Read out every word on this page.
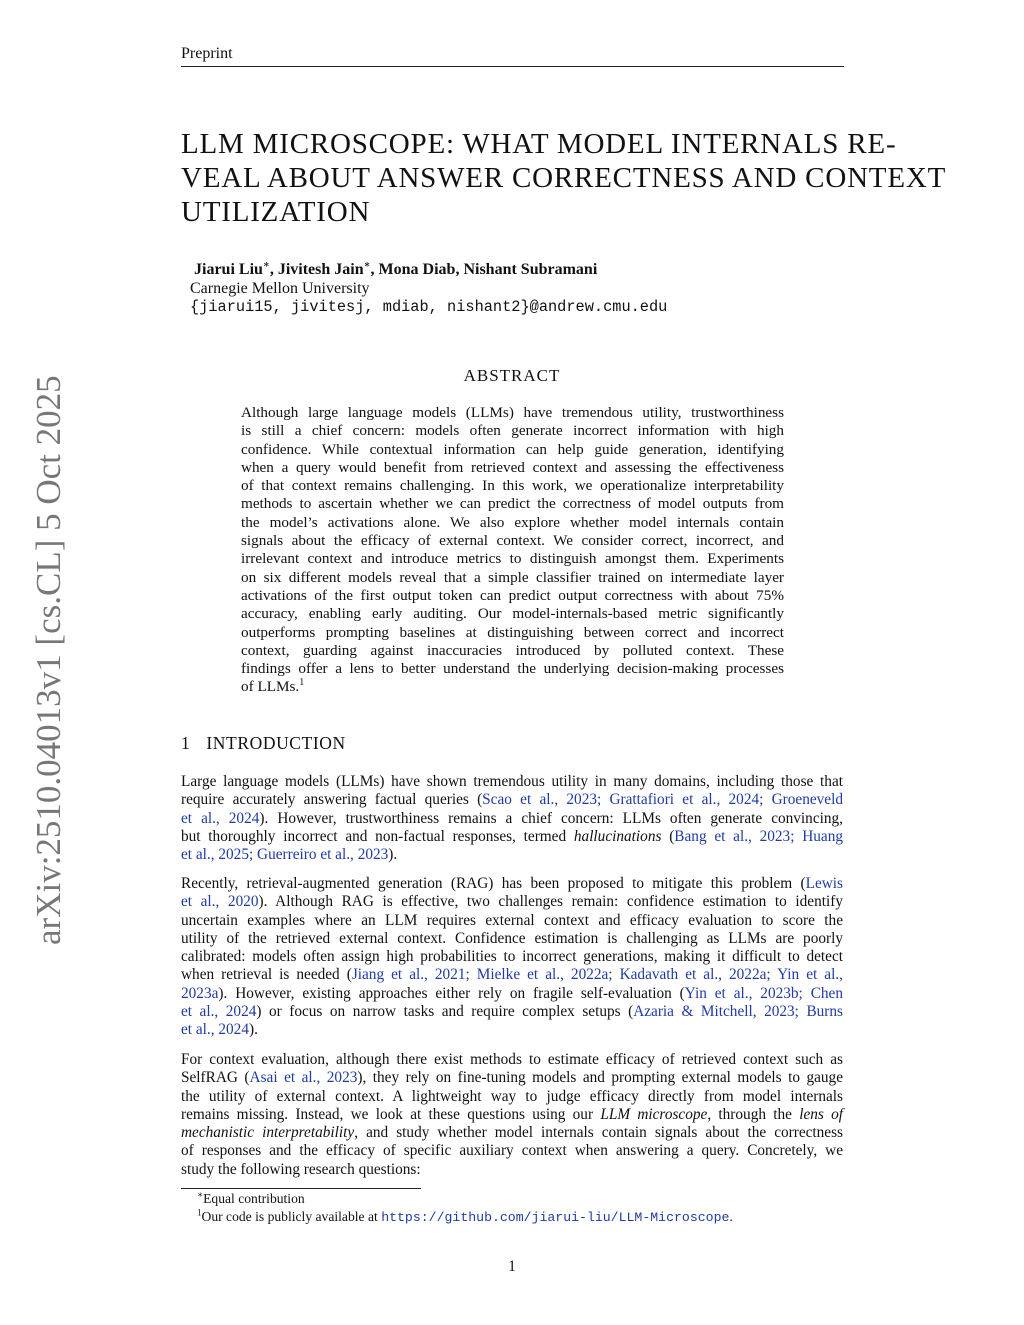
Preprint
arXiv:2510.04013v1 [cs.CL] 5 Oct 2025
LLM MICROSCOPE: WHAT MODEL INTERNALS RE-
VEAL ABOUT ANSWER CORRECTNESS AND CONTEXT
UTILIZATION
Jiarui Liu∗, Jivitesh Jain∗, Mona Diab, Nishant Subramani
Carnegie Mellon University
{jiarui15, jivitesj, mdiab, nishant2}@andrew.cmu.edu
ABSTRACT
Although large language models (LLMs) have tremendous utility, trustworthiness
is still a chief concern: models often generate incorrect information with high
confidence. While contextual information can help guide generation, identifying
when a query would benefit from retrieved context and assessing the effectiveness
of that context remains challenging. In this work, we operationalize interpretability
methods to ascertain whether we can predict the correctness of model outputs from
the model’s activations alone. We also explore whether model internals contain
signals about the efficacy of external context. We consider correct, incorrect, and
irrelevant context and introduce metrics to distinguish amongst them. Experiments
on six different models reveal that a simple classifier trained on intermediate layer
activations of the first output token can predict output correctness with about 75%
accuracy, enabling early auditing. Our model-internals-based metric significantly
outperforms prompting baselines at distinguishing between correct and incorrect
context, guarding against inaccuracies introduced by polluted context. These
findings offer a lens to better understand the underlying decision-making processes
of LLMs.$^1$
1 INTRODUCTION
Large language models (LLMs) have shown tremendous utility in many domains, including those that
require accurately answering factual queries (Scao et al., 2023; Grattafiori et al., 2024; Groeneveld
et al., 2024). However, trustworthiness remains a chief concern: LLMs often generate convincing,
but thoroughly incorrect and non-factual responses, termed hallucinations (Bang et al., 2023; Huang
et al., 2025; Guerreiro et al., 2023).
Recently, retrieval-augmented generation (RAG) has been proposed to mitigate this problem (Lewis
et al., 2020). Although RAG is effective, two challenges remain: confidence estimation to identify
uncertain examples where an LLM requires external context and efficacy evaluation to score the
utility of the retrieved external context. Confidence estimation is challenging as LLMs are poorly
calibrated: models often assign high probabilities to incorrect generations, making it difficult to detect
when retrieval is needed (Jiang et al., 2021; Mielke et al., 2022a; Kadavath et al., 2022a; Yin et al.,
2023a). However, existing approaches either rely on fragile self-evaluation (Yin et al., 2023b; Chen
et al., 2024) or focus on narrow tasks and require complex setups (Azaria & Mitchell, 2023; Burns
et al., 2024).
For context evaluation, although there exist methods to estimate efficacy of retrieved context such as
SelfRAG (Asai et al., 2023), they rely on fine-tuning models and prompting external models to gauge
the utility of external context. A lightweight way to judge efficacy directly from model internals
remains missing. Instead, we look at these questions using our LLM microscope, through the lens of
mechanistic interpretability, and study whether model internals contain signals about the correctness
of responses and the efficacy of specific auxiliary context when answering a query. Concretely, we
study the following research questions:
∗Equal contribution
$^1$Our code is publicly available at https://github.com/jiarui-liu/LLM-Microscope.
1
